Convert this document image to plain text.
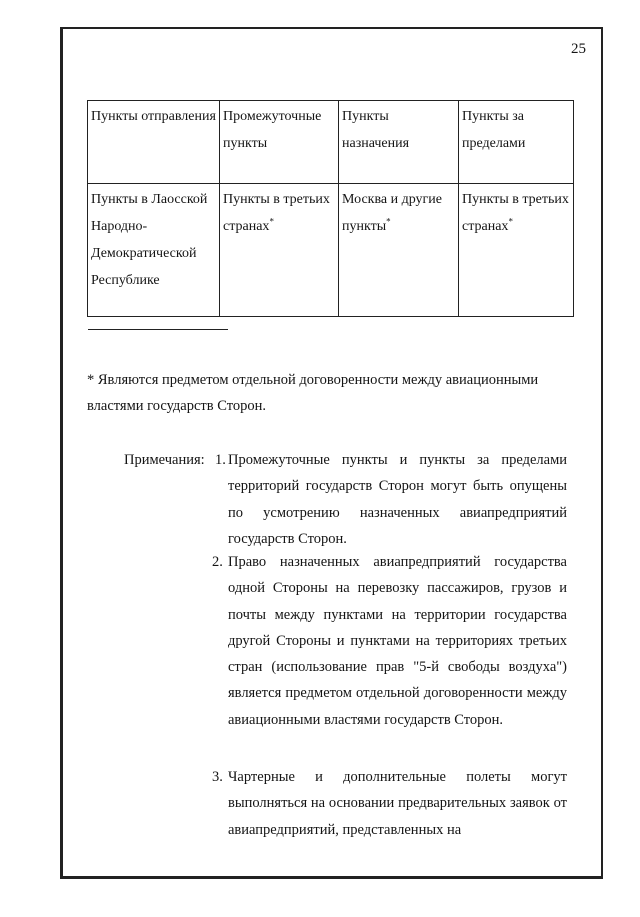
25
Пункты отправления	Промежуточные пункты	Пункты назначения	Пункты за пределами
Пункты в Лаосской Народно-Демократической Республике	Пункты в третьих странах*	Москва и другие пункты*	Пункты в третьих странах*
* Являются предметом отдельной договоренности между авиационными властями государств Сторон.
Примечания: 1. Промежуточные пункты и пункты за пределами территорий государств Сторон могут быть опущены по усмотрению назначенных авиапредприятий государств Сторон.
2. Право назначенных авиапредприятий государства одной Стороны на перевозку пассажиров, грузов и почты между пунктами на территории государства другой Стороны и пунктами на территориях третьих стран (использование прав "5-й свободы воздуха") является предметом отдельной договоренности между авиационными властями государств Сторон.
3. Чартерные и дополнительные полеты могут выполняться на основании предварительных заявок от авиапредприятий, представленных на
